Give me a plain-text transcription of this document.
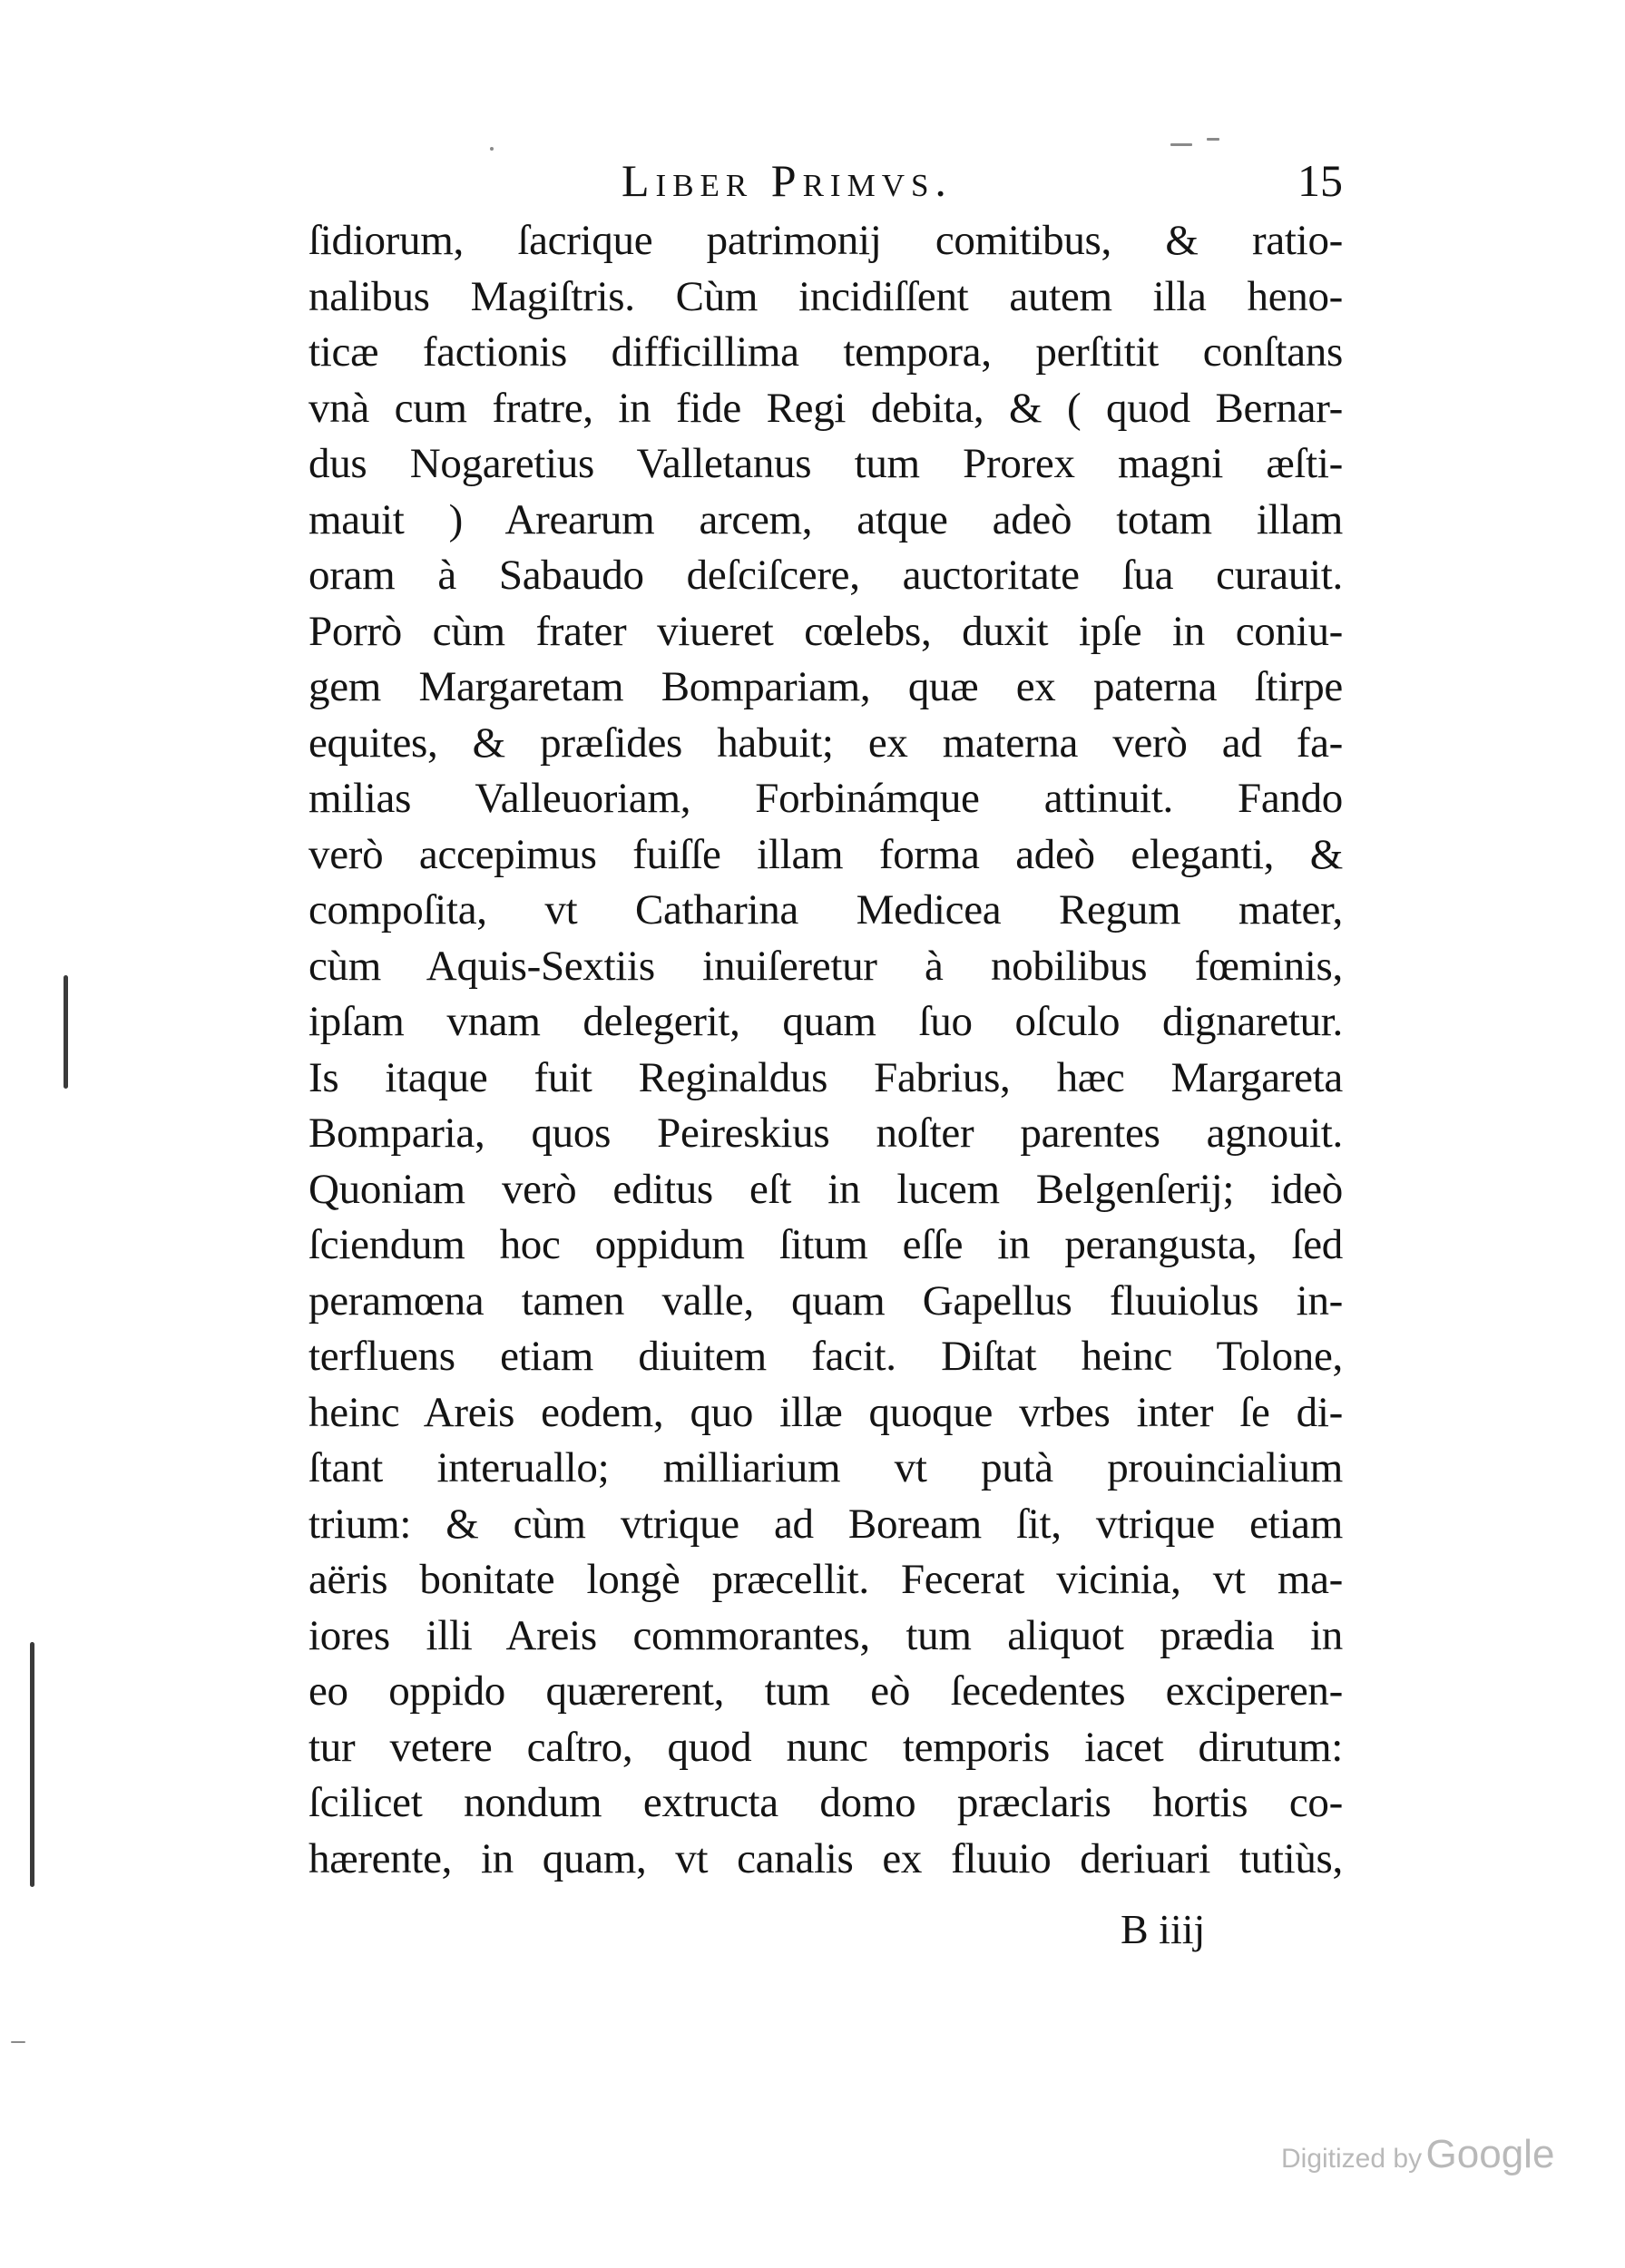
Liber Primvs.	15
ſidiorum, ſacrique patrimonij comitibus, & ratio-
nalibus Magiſtris. Cùm incidiſſent autem illa heno-
ticæ factionis difficillima tempora, perſtitit conſtans
vnà cum fratre, in fide Regi debita, & ( quod Bernar-
dus Nogaretius Valletanus tum Prorex magni æſti-
mauit ) Arearum arcem, atque adeò totam illam
oram à Sabaudo deſciſcere, auctoritate ſua curauit.
Porrò cùm frater viueret cœlebs, duxit ipſe in coniu-
gem Margaretam Bompariam, quæ ex paterna ſtirpe
equites, & præſides habuit; ex materna verò ad fa-
milias Valleuoriam, Forbinámque attinuit. Fando
verò accepimus fuiſſe illam forma adeò eleganti, &
compoſita, vt Catharina Medicea Regum mater,
cùm Aquis-Sextiis inuiſeretur à nobilibus fœminis,
ipſam vnam delegerit, quam ſuo oſculo dignaretur.
Is itaque fuit Reginaldus Fabrius, hæc Margareta
Bomparia, quos Peireskius noſter parentes agnouit.
Quoniam verò editus eſt in lucem Belgenſerij; ideò
ſciendum hoc oppidum ſitum eſſe in perangusta, ſed
peramœna tamen valle, quam Gapellus fluuiolus in-
terfluens etiam diuitem facit. Diſtat heinc Tolone,
heinc Areis eodem, quo illæ quoque vrbes inter ſe di-
ſtant interuallo; milliarium vt putà prouincialium
trium: & cùm vtrique ad Boream ſit, vtrique etiam
aëris bonitate longè præcellit. Fecerat vicinia, vt ma-
iores illi Areis commorantes, tum aliquot prædia in
eo oppido quærerent, tum eò ſecedentes exciperen-
tur vetere caſtro, quod nunc temporis iacet dirutum:
ſcilicet nondum extructa domo præclaris hortis co-
hærente, in quam, vt canalis ex fluuio deriuari tutiùs,
B iiij
Digitized by Google
